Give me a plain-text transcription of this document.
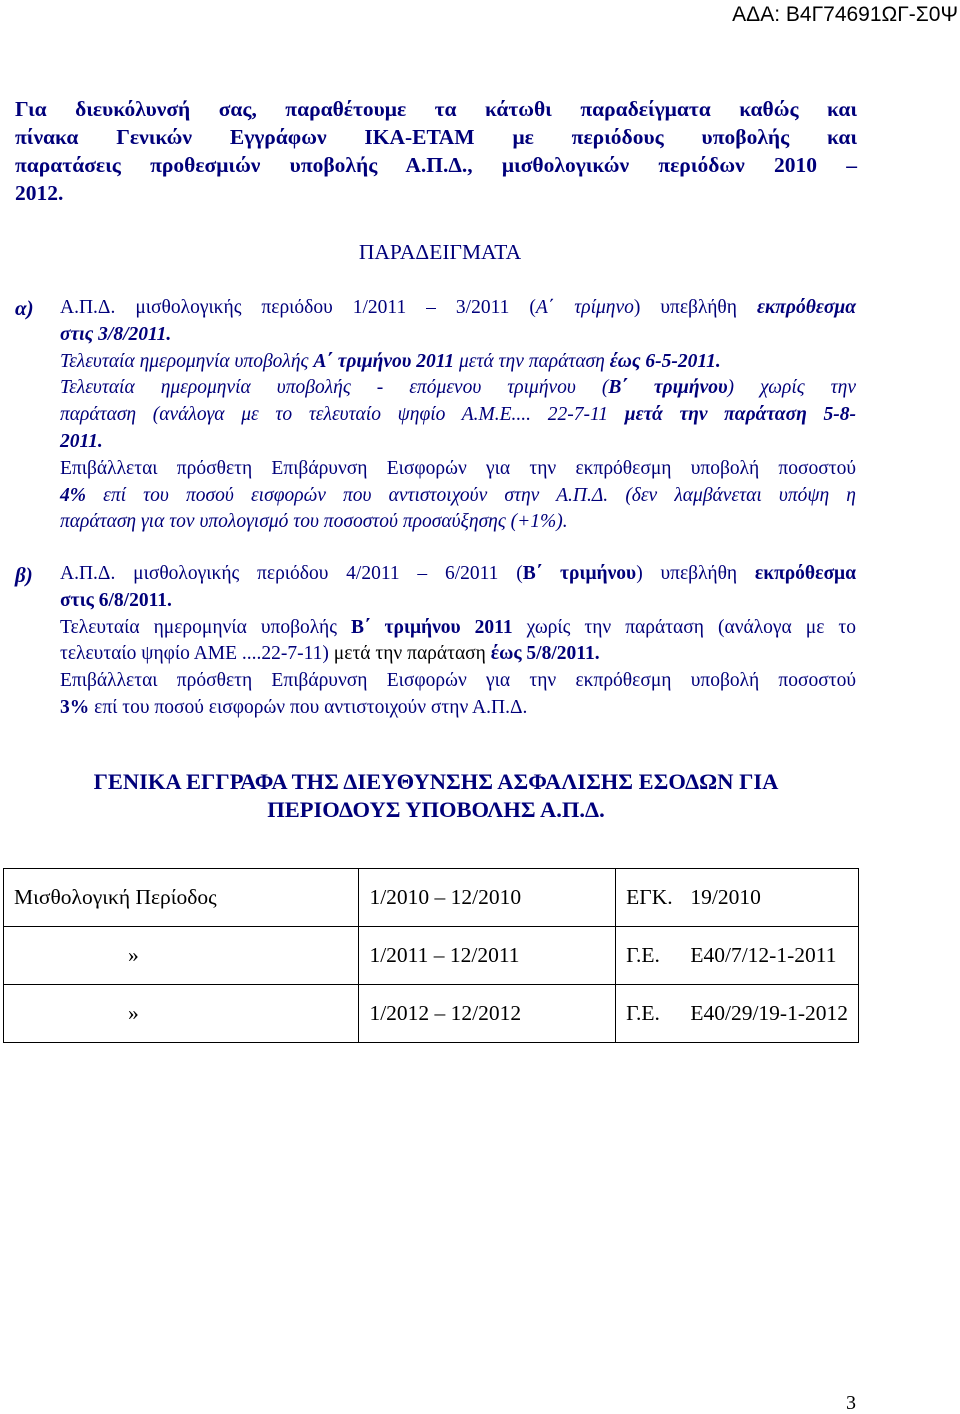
ΑΔΑ: Β4Γ74691ΩΓ-Σ0Ψ
Για διευκόλυνσή σας, παραθέτουμε τα κάτωθι παραδείγματα καθώς και
πίνακα Γενικών Εγγράφων ΙΚΑ-ΕΤΑΜ με περιόδους υποβολής και
παρατάσεις προθεσμιών υποβολής Α.Π.Δ., μισθολογικών περιόδων 2010 –
2012.
ΠΑΡΑΔΕΙΓΜΑΤΑ
α) Α.Π.Δ. μισθολογικής περιόδου 1/2011 – 3/2011 (Α΄ τρίμηνο) υπεβλήθη εκπρόθεσμα
στις 3/8/2011.
Τελευταία ημερομηνία υποβολής Α΄ τριμήνου 2011 μετά την παράταση έως 6-5-2011.
Τελευταία ημερομηνία υποβολής - επόμενου τριμήνου (Β΄ τριμήνου) χωρίς την
παράταση (ανάλογα με το τελευταίο ψηφίο Α.Μ.Ε.... 22-7-11 μετά την παράταση 5-8-
2011.
Επιβάλλεται πρόσθετη Επιβάρυνση Εισφορών για την εκπρόθεσμη υποβολή ποσοστού
4% επί του ποσού εισφορών που αντιστοιχούν στην Α.Π.Δ. (δεν λαμβάνεται υπόψη η
παράταση για τον υπολογισμό του ποσοστού προσαύξησης (+1%).
β) Α.Π.Δ. μισθολογικής περιόδου 4/2011 – 6/2011 (Β΄ τριμήνου) υπεβλήθη εκπρόθεσμα
στις 6/8/2011.
Τελευταία ημερομηνία υποβολής Β΄ τριμήνου 2011 χωρίς την παράταση (ανάλογα με το
τελευταίο ψηφίο ΑΜΕ ....22-7-11) μετά την παράταση έως 5/8/2011.
Επιβάλλεται πρόσθετη Επιβάρυνση Εισφορών για την εκπρόθεσμη υποβολή ποσοστού
3% επί του ποσού εισφορών που αντιστοιχούν στην Α.Π.Δ.
ΓΕΝΙΚΑ ΕΓΓΡΑΦΑ ΤΗΣ ΔΙΕΥΘΥΝΣΗΣ ΑΣΦΑΛΙΣΗΣ ΕΣΟΔΩΝ ΓΙΑ
ΠΕΡΙΟΔΟΥΣ ΥΠΟΒΟΛΗΣ Α.Π.Δ.
Μισθολογική Περίοδος	1/2010 – 12/2010	ΕΓΚ.	19/2010
»	1/2011 – 12/2011	Γ.Ε.	Ε40/7/12-1-2011
»	1/2012 – 12/2012	Γ.Ε.	Ε40/29/19-1-2012
3
